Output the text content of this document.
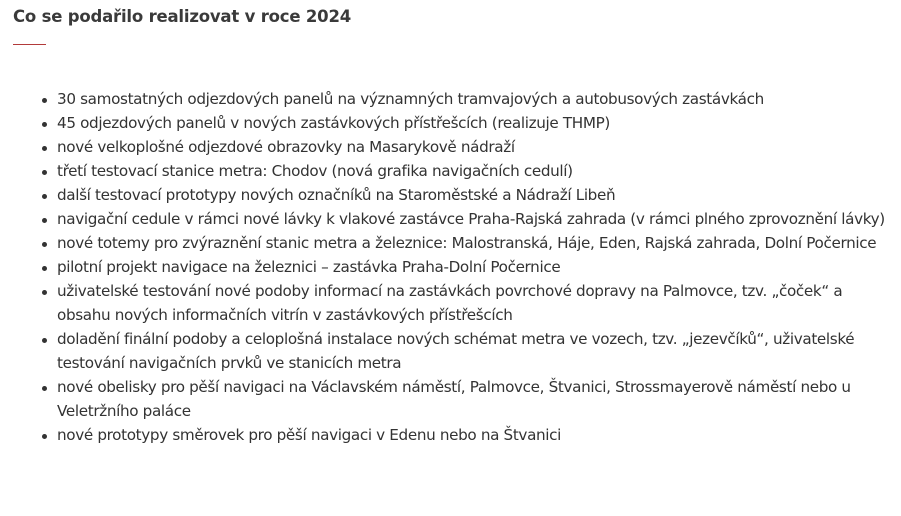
Co se podařilo realizovat v roce 2024
30 samostatných odjezdových panelů na významných tramvajových a autobusových zastávkách
45 odjezdových panelů v nových zastávkových přístřešcích (realizuje THMP)
nové velkoplošné odjezdové obrazovky na Masarykově nádraží
třetí testovací stanice metra: Chodov (nová grafika navigačních cedulí)
další testovací prototypy nových označníků na Staroměstské a Nádraží Libeň
navigační cedule v rámci nové lávky k vlakové zastávce Praha-Rajská zahrada (v rámci plného zprovoznění lávky)
nové totemy pro zvýraznění stanic metra a železnice: Malostranská, Háje, Eden, Rajská zahrada, Dolní Počernice
pilotní projekt navigace na železnici – zastávka Praha-Dolní Počernice
uživatelské testování nové podoby informací na zastávkách povrchové dopravy na Palmovce, tzv. „čoček“ a obsahu nových informačních vitrín v zastávkových přístřešcích
doladění finální podoby a celoplošná instalace nových schémat metra ve vozech, tzv. „jezevčíků“, uživatelské testování navigačních prvků ve stanicích metra
nové obelisky pro pěší navigaci na Václavském náměstí, Palmovce, Štvanici, Strossmayerově náměstí nebo u Veletržního paláce
nové prototypy směrovek pro pěší navigaci v Edenu nebo na Štvanici
